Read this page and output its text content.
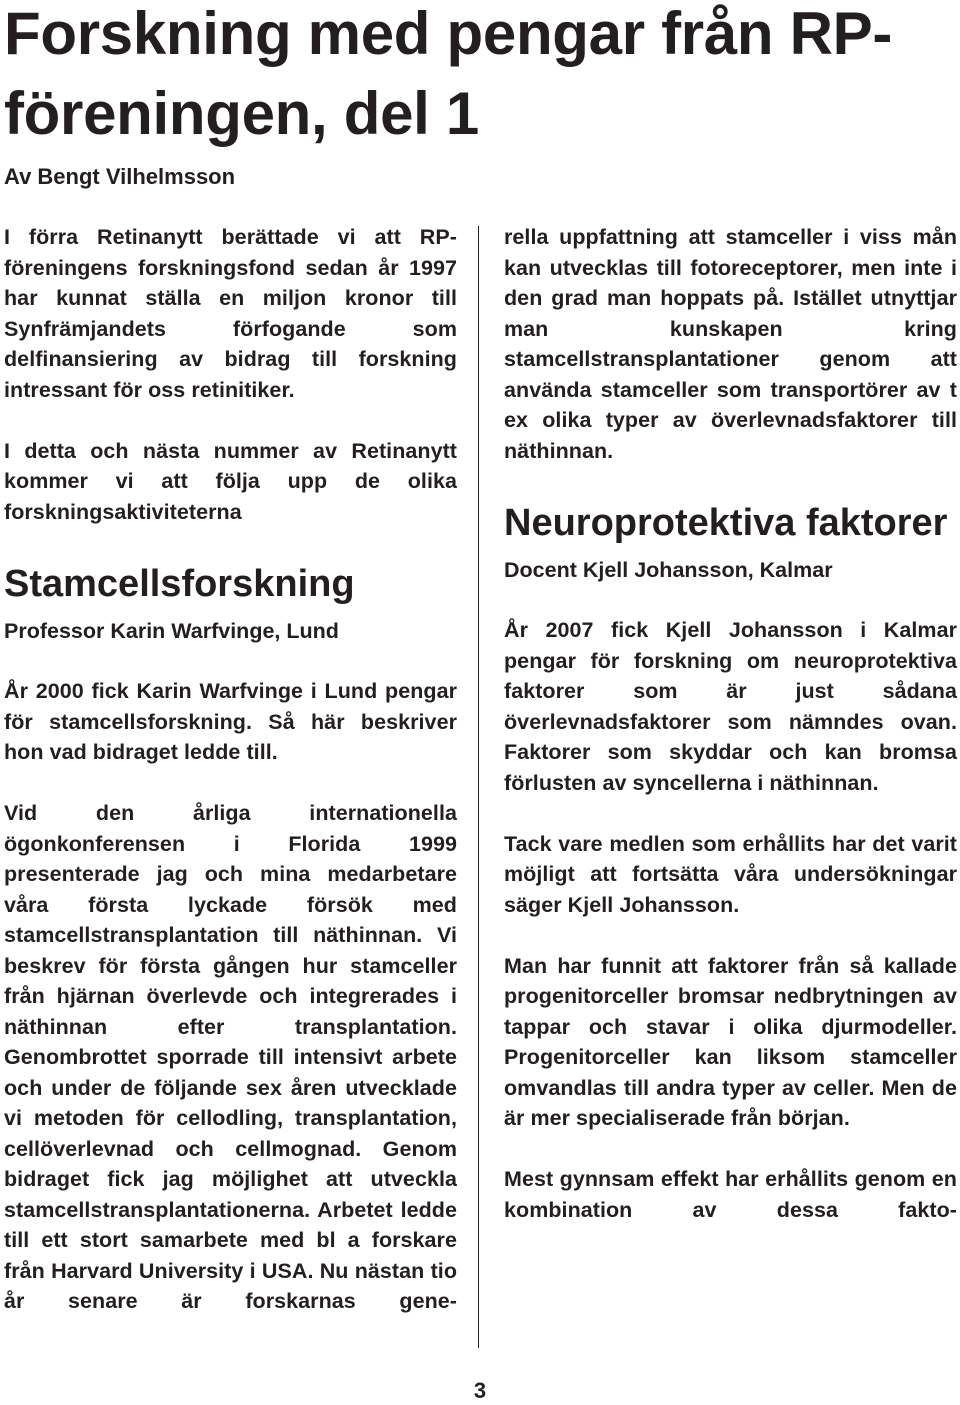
Forskning med pengar från RP-föreningen, del 1

Av Bengt Vilhelmsson

I förra Retinanytt berättade vi att RP-föreningens forskningsfond sedan år 1997 har kunnat ställa en miljon kronor till Synfrämjandets förfogande som delfinansiering av bidrag till forskning intressant för oss retinitiker.

I detta och nästa nummer av Retinanytt kommer vi att följa upp de olika forskningsaktiviteterna

Stamcellsforskning

Professor Karin Warfvinge, Lund

År 2000 fick Karin Warfvinge i Lund pengar för stamcellsforskning. Så här beskriver hon vad bidraget ledde till.

Vid den årliga internationella ögonkonferensen i Florida 1999 presenterade jag och mina medarbetare våra första lyckade försök med stamcellstransplantation till näthinnan. Vi beskrev för första gången hur stamceller från hjärnan överlevde och integrerades i näthinnan efter transplantation. Genombrottet sporrade till intensivt arbete och under de följande sex åren utvecklade vi metoden för cellodling, transplantation, cellöverlevnad och cellmognad. Genom bidraget fick jag möjlighet att utveckla stamcellstransplantationerna. Arbetet ledde till ett stort samarbete med bl a forskare från Harvard University i USA. Nu nästan tio år senare är forskarnas gene-

rella uppfattning att stamceller i viss mån kan utvecklas till fotoreceptorer, men inte i den grad man hoppats på. Istället utnyttjar man kunskapen kring stamcellstransplantationer genom att använda stamceller som transportörer av t ex olika typer av överlevnadsfaktorer till näthinnan.

Neuroprotektiva faktorer

Docent Kjell Johansson, Kalmar

År 2007 fick Kjell Johansson i Kalmar pengar för forskning om neuroprotektiva faktorer som är just sådana överlevnadsfaktorer som nämndes ovan. Faktorer som skyddar och kan bromsa förlusten av syncellerna i näthinnan.

Tack vare medlen som erhållits har det varit möjligt att fortsätta våra undersökningar säger Kjell Johansson.

Man har funnit att faktorer från så kallade progenitorceller bromsar nedbrytningen av tappar och stavar i olika djurmodeller. Progenitorceller kan liksom stamceller omvandlas till andra typer av celler. Men de är mer specialiserade från början.

Mest gynnsam effekt har erhållits genom en kombination av dessa fakto-

3
